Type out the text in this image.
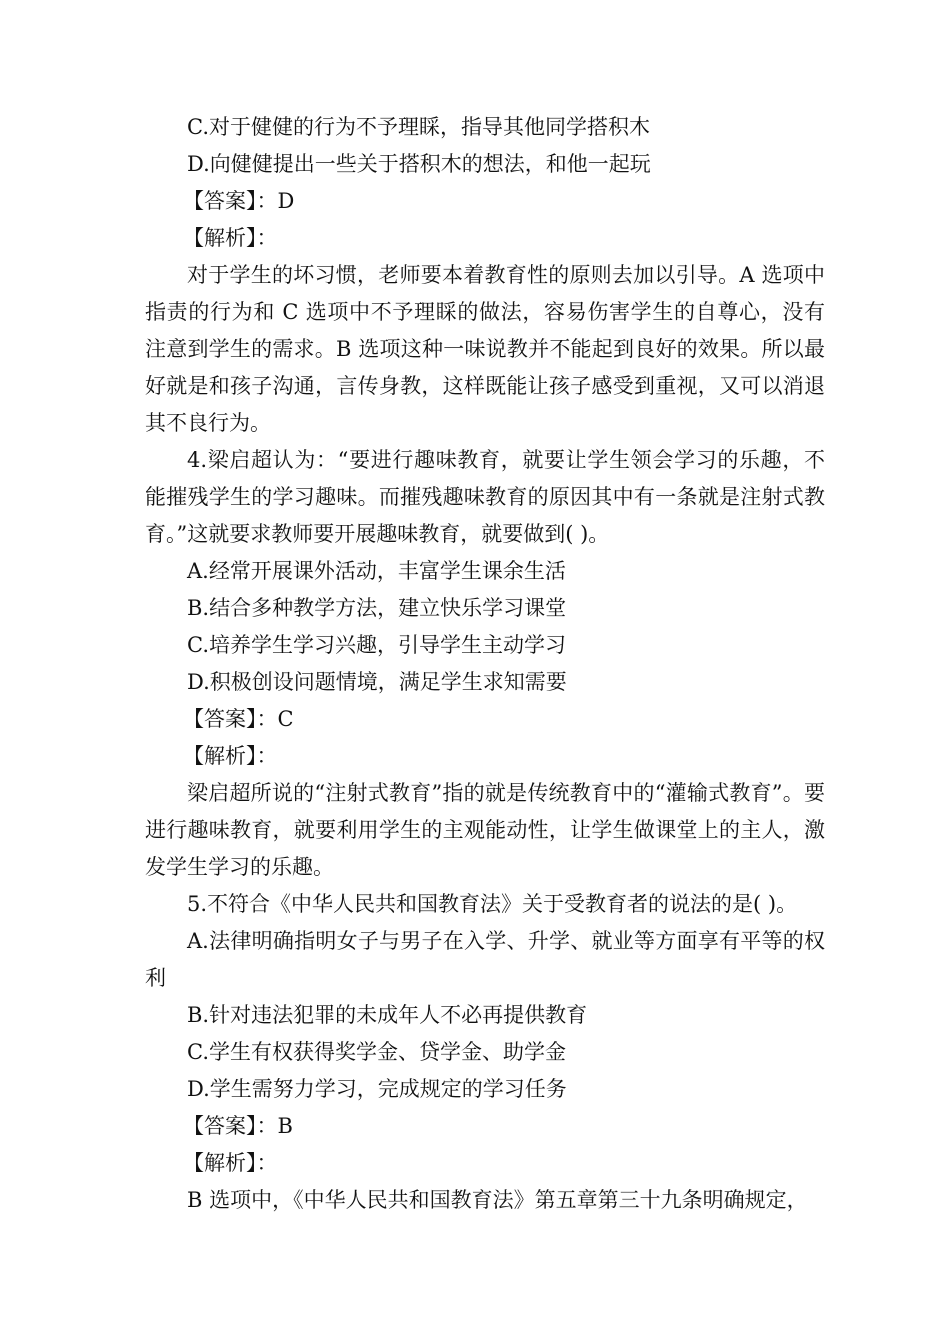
C.对于健健的行为不予理睬，指导其他同学搭积木
D.向健健提出一些关于搭积木的想法，和他一起玩
【答案】：D
【解析】：
对于学生的坏习惯，老师要本着教育性的原则去加以引导。A 选项中指责的行为和 C 选项中不予理睬的做法，容易伤害学生的自尊心，没有注意到学生的需求。B 选项这种一味说教并不能起到良好的效果。所以最好就是和孩子沟通，言传身教，这样既能让孩子感受到重视，又可以消退其不良行为。
4.梁启超认为：“要进行趣味教育，就要让学生领会学习的乐趣，不能摧残学生的学习趣味。而摧残趣味教育的原因其中有一条就是注射式教育。”这就要求教师要开展趣味教育，就要做到( )。
A.经常开展课外活动，丰富学生课余生活
B.结合多种教学方法，建立快乐学习课堂
C.培养学生学习兴趣，引导学生主动学习
D.积极创设问题情境，满足学生求知需要
【答案】：C
【解析】：
梁启超所说的“注射式教育”指的就是传统教育中的“灌输式教育”。要进行趣味教育，就要利用学生的主观能动性，让学生做课堂上的主人，激发学生学习的乐趣。
5.不符合《中华人民共和国教育法》关于受教育者的说法的是( )。
A.法律明确指明女子与男子在入学、升学、就业等方面享有平等的权利
B.针对违法犯罪的未成年人不必再提供教育
C.学生有权获得奖学金、贷学金、助学金
D.学生需努力学习，完成规定的学习任务
【答案】：B
【解析】：
B 选项中，《中华人民共和国教育法》第五章第三十九条明确规定，
